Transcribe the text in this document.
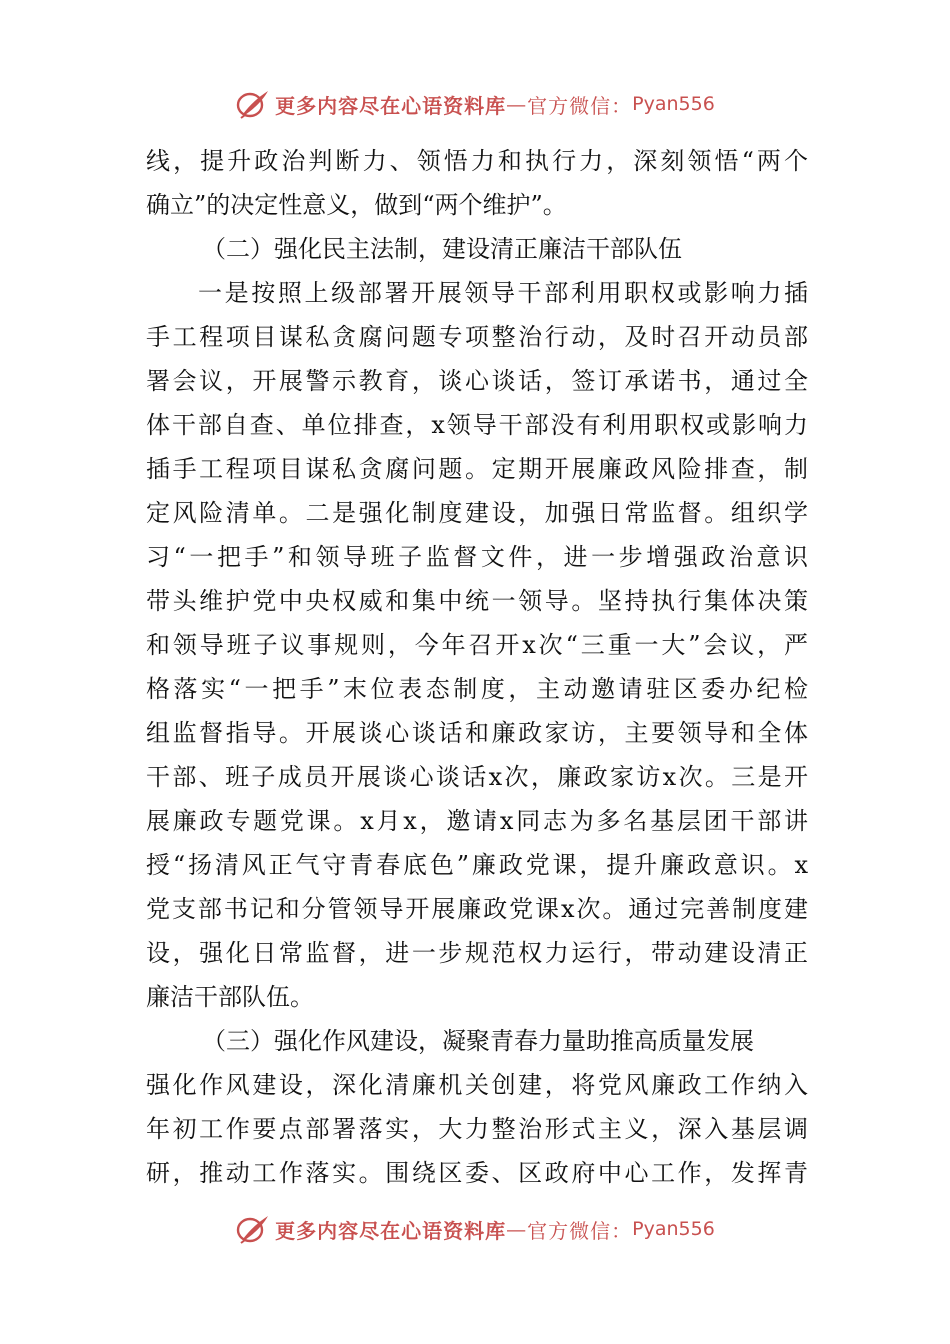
更多内容尽在心语资料库 — 官方微信： Pyan556
线，提升政治判断力、领悟力和执行力，深刻领悟“两个
确立”的决定性意义，做到“两个维护”。
（二）强化民主法制，建设清正廉洁干部队伍
一是按照上级部署开展领导干部利用职权或影响力插
手工程项目谋私贪腐问题专项整治行动，及时召开动员部
署会议，开展警示教育，谈心谈话，签订承诺书，通过全
体干部自查、单位排查，x领导干部没有利用职权或影响力
插手工程项目谋私贪腐问题。定期开展廉政风险排查，制
定风险清单。二是强化制度建设，加强日常监督。组织学
习“一把手”和领导班子监督文件，进一步增强政治意识
带头维护党中央权威和集中统一领导。坚持执行集体决策
和领导班子议事规则，今年召开x次“三重一大”会议，严
格落实“一把手”末位表态制度，主动邀请驻区委办纪检
组监督指导。开展谈心谈话和廉政家访，主要领导和全体
干部、班子成员开展谈心谈话x次，廉政家访x次。三是开
展廉政专题党课。x月x，邀请x同志为多名基层团干部讲
授“扬清风正气守青春底色”廉政党课，提升廉政意识。x
党支部书记和分管领导开展廉政党课x次。通过完善制度建
设，强化日常监督，进一步规范权力运行，带动建设清正
廉洁干部队伍。
（三）强化作风建设，凝聚青春力量助推高质量发展
强化作风建设，深化清廉机关创建，将党风廉政工作纳入
年初工作要点部署落实，大力整治形式主义，深入基层调
研，推动工作落实。围绕区委、区政府中心工作，发挥青
更多内容尽在心语资料库 — 官方微信： Pyan556
